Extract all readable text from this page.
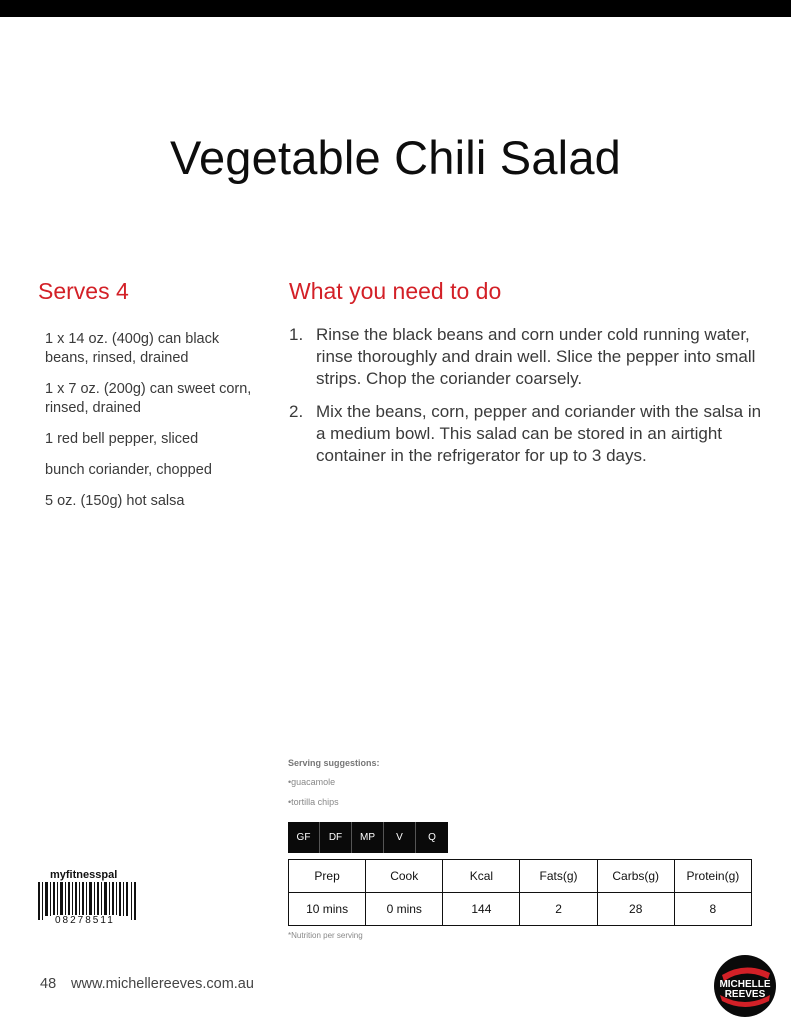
Vegetable Chili Salad
Serves 4	What you need to do
1 x 14 oz. (400g) can black beans, rinsed, drained
1 x 7 oz. (200g) can sweet corn, rinsed, drained
1 red bell pepper, sliced
bunch coriander, chopped
5 oz. (150g) hot salsa
1. Rinse the black beans and corn under cold running water, rinse thoroughly and drain well. Slice the pepper into small strips. Chop the coriander coarsely.
2. Mix the beans, corn, pepper and coriander with the salsa in a medium bowl. This salad can be stored in an airtight container in the refrigerator for up to 3 days.
Serving suggestions:
• guacamole
• tortilla chips
GF	DF	MP	V	Q
Prep	Cook	Kcal	Fats(g)	Carbs(g)	Protein(g)
10 mins	0 mins	144	2	28	8
*Nutrition per serving
myfitnesspal
08278511
48 www.michellereeves.com.au	MICHELLE
REEVES
